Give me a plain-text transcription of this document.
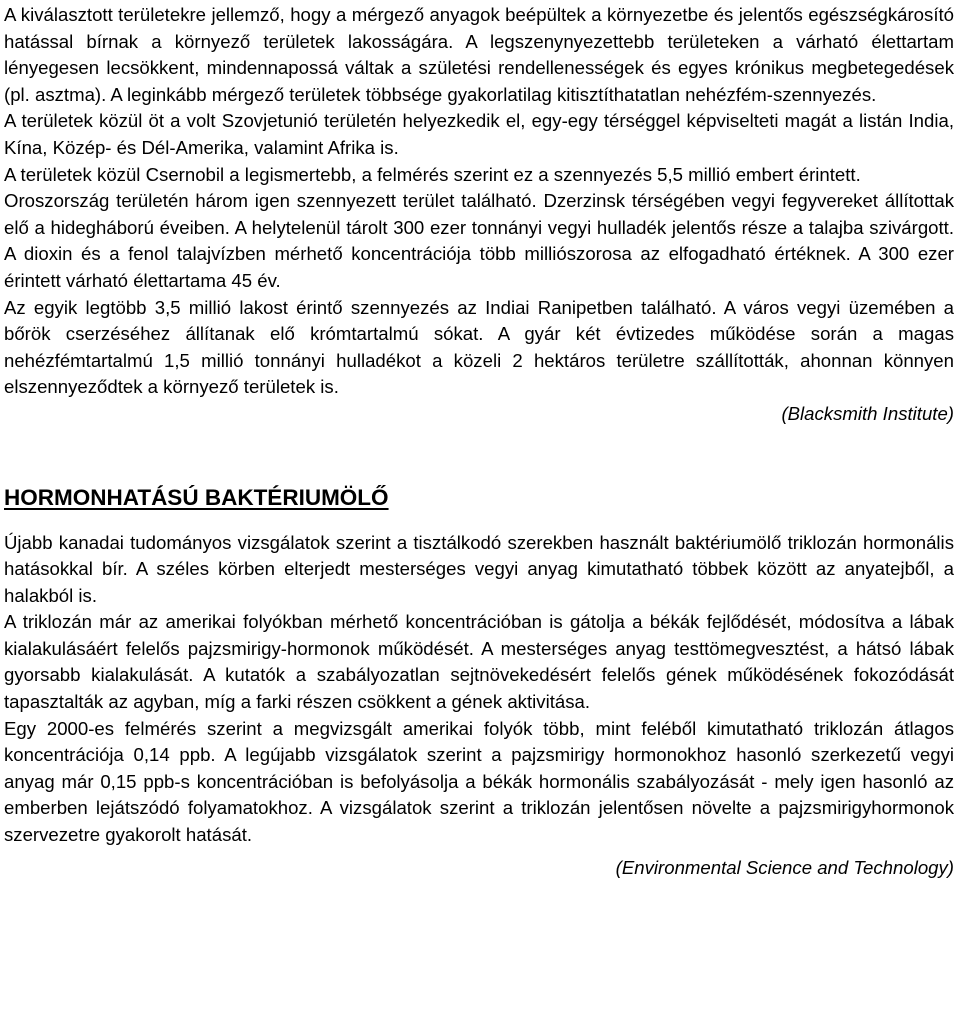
A kiválasztott területekre jellemző, hogy a mérgező anyagok beépültek a környezetbe és jelentős egészségkárosító hatással bírnak a környező területek lakosságára. A legszenynyezettebb területeken a várható élettartam lényegesen lecsökkent, mindennapossá váltak a születési rendellenességek és egyes krónikus megbetegedések (pl. asztma). A leginkább mérgező területek többsége gyakorlatilag kitisztíthatatlan nehézfém-szennyezés.

A területek közül öt a volt Szovjetunió területén helyezkedik el, egy-egy térséggel képviselteti magát a listán India, Kína, Közép- és Dél-Amerika, valamint Afrika is.

A területek közül Csernobil a legismertebb, a felmérés szerint ez a szennyezés 5,5 millió embert érintett.

Oroszország területén három igen szennyezett terület található. Dzerzinsk térségében vegyi fegyvereket állítottak elő a hidegháború éveiben. A helytelenül tárolt 300 ezer tonnányi vegyi hulladék jelentős része a talajba szivárgott. A dioxin és a fenol talajvízben mérhető koncentrációja több milliószorosa az elfogadható értéknek. A 300 ezer érintett várható élettartama 45 év.

Az egyik legtöbb 3,5 millió lakost érintő szennyezés az Indiai Ranipetben található. A város vegyi üzemében a bőrök cserzéséhez állítanak elő krómtartalmú sókat. A gyár két évtizedes működése során a magas nehézfémtartalmú 1,5 millió tonnányi hulladékot a közeli 2 hektáros területre szállították, ahonnan könnyen elszennyeződtek a környező területek is.

(Blacksmith Institute)

HORMONHATÁSÚ BAKTÉRIUMÖLŐ

Újabb kanadai tudományos vizsgálatok szerint a tisztálkodó szerekben használt baktériumölő triklozán hormonális hatásokkal bír. A széles körben elterjedt mesterséges vegyi anyag kimutatható többek között az anyatejből, a halakból is.

A triklozán már az amerikai folyókban mérhető koncentrációban is gátolja a békák fejlődését, módosítva a lábak kialakulásáért felelős pajzsmirigy-hormonok működését. A mesterséges anyag testtömegvesztést, a hátsó lábak gyorsabb kialakulását. A kutatók a szabályozatlan sejtnövekedésért felelős gének működésének fokozódását tapasztalták az agyban, míg a farki részen csökkent a gének aktivitása.

Egy 2000-es felmérés szerint a megvizsgált amerikai folyók több, mint feléből kimutatható triklozán átlagos koncentrációja 0,14 ppb. A legújabb vizsgálatok szerint a pajzsmirigy hormonokhoz hasonló szerkezetű vegyi anyag már 0,15 ppb-s koncentrációban is befolyásolja a békák hormonális szabályozását - mely igen hasonló az emberben lejátszódó folyamatokhoz. A vizsgálatok szerint a triklozán jelentősen növelte a pajzsmirigyhormonok szervezetre gyakorolt hatását.

(Environmental Science and Technology)
